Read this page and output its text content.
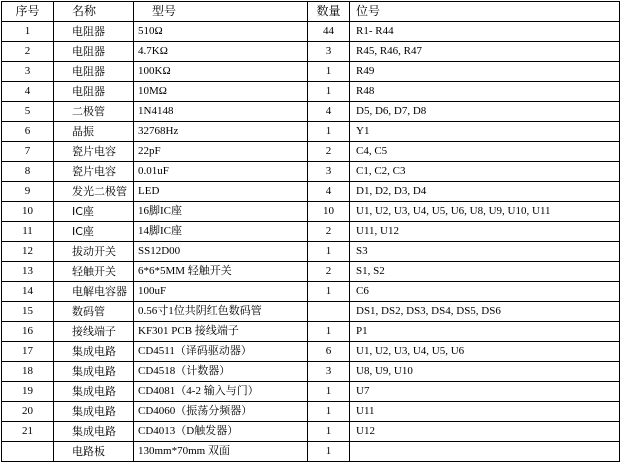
序号	名称	型号	数量	位号
1	电阻器	510Ω	44	R1- R44
2	电阻器	4.7KΩ	3	R45, R46, R47
3	电阻器	100KΩ	1	R49
4	电阻器	10MΩ	1	R48
5	二极管	1N4148	4	D5, D6, D7, D8
6	晶振	32768Hz	1	Y1
7	瓷片电容	22pF	2	C4, C5
8	瓷片电容	0.01uF	3	C1, C2, C3
9	发光二极管	LED	4	D1, D2, D3, D4
10	IC座	16脚IC座	10	U1, U2, U3, U4, U5, U6, U8, U9, U10, U11
11	IC座	14脚IC座	2	U11, U12
12	拔动开关	SS12D00	1	S3
13	轻触开关	6*6*5MM 轻触开关	2	S1, S2
14	电解电容器	100uF	1	C6
15	数码管	0.56寸1位共阴红色数码管		DS1, DS2, DS3, DS4, DS5, DS6
16	接线端子	KF301 PCB 接线端子	1	P1
17	集成电路	CD4511（译码驱动器）	6	U1, U2, U3, U4, U5, U6
18	集成电路	CD4518（计数器）	3	U8, U9, U10
19	集成电路	CD4081（4-2 输入与门）	1	U7
20	集成电路	CD4060（振荡分频器）	1	U11
21	集成电路	CD4013（D触发器）	1	U12
	电路板	130mm*70mm 双面	1	
